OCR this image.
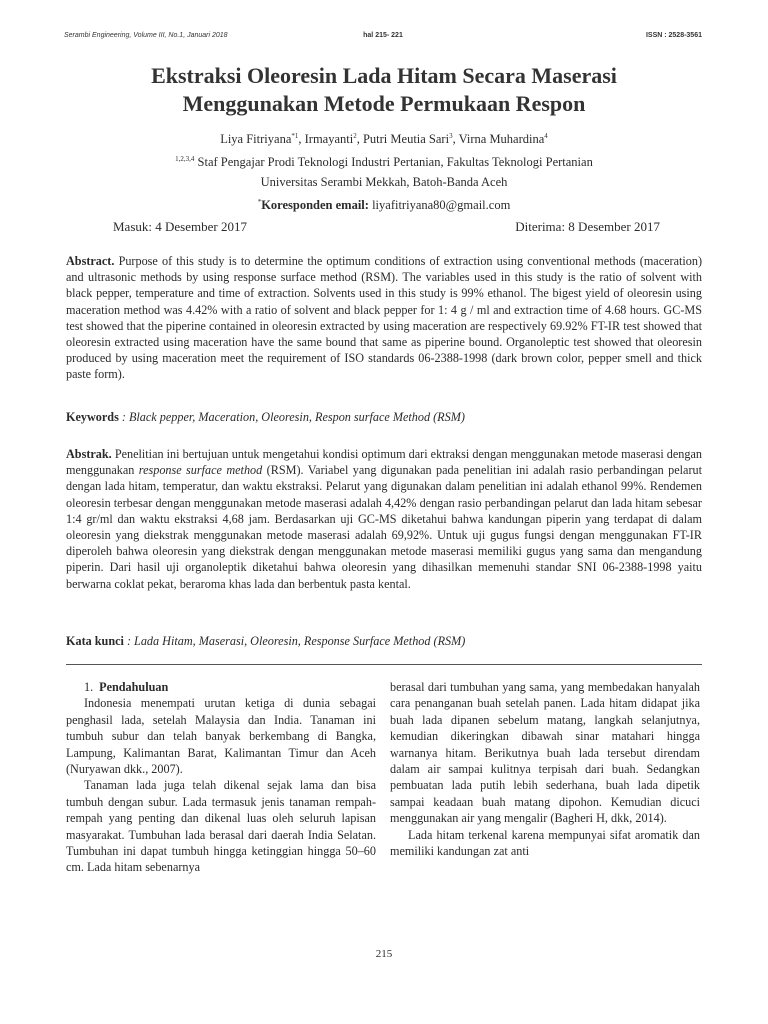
Serambi Engineering, Volume III, No.1, Januari 2018	hal 215- 221	ISSN : 2528-3561
Ekstraksi Oleoresin Lada Hitam Secara Maserasi
Menggunakan Metode Permukaan Respon
Liya Fitriyana$^{*1}$, Irmayanti$^2$, Putri Meutia Sari$^3$, Virna Muhardina$^4$
$^{1,2,3,4}$ Staf Pengajar Prodi Teknologi Industri Pertanian, Fakultas Teknologi Pertanian
Universitas Serambi Mekkah, Batoh-Banda Aceh
*Koresponden email: liyafitriyana80@gmail.com
Masuk: 4 Desember 2017	Diterima: 8 Desember 2017

Abstract. Purpose of this study is to determine the optimum conditions of extraction using conventional methods (maceration) and ultrasonic methods by using response surface method (RSM). The variables used in this study is the ratio of solvent with black pepper, temperature and time of extraction. Solvents used in this study is 99% ethanol. The bigest yield of oleoresin using maceration method was 4.42% with a ratio of solvent and black pepper for 1: 4 g / ml and extraction time of 4.68 hours. GC-MS test showed that the piperine contained in oleoresin extracted by using maceration are respectively 69.92% FT-IR test showed that oleoresin extracted using maceration have the same bound that same as piperine bound. Organoleptic test showed that oleoresin produced by using maceration meet the requirement of ISO standards 06-2388-1998 (dark brown color, pepper smell and thick paste form).

Keywords : Black pepper, Maceration, Oleoresin, Respon surface Method (RSM)

Abstrak. Penelitian ini bertujuan untuk mengetahui kondisi optimum dari ektraksi dengan menggunakan metode maserasi dengan menggunakan response surface method (RSM). Variabel yang digunakan pada penelitian ini adalah rasio perbandingan pelarut dengan lada hitam, temperatur, dan waktu ekstraksi. Pelarut yang digunakan dalam penelitian ini adalah ethanol 99%. Rendemen oleoresin terbesar dengan menggunakan metode maserasi adalah 4,42% dengan rasio perbandingan pelarut dan lada hitam sebesar 1:4 gr/ml dan waktu ekstraksi 4,68 jam. Berdasarkan uji GC-MS diketahui bahwa kandungan piperin yang terdapat di dalam oleoresin yang diekstrak menggunakan metode maserasi adalah 69,92%. Untuk uji gugus fungsi dengan menggunakan FT-IR diperoleh bahwa oleoresin yang diekstrak dengan menggunakan metode maserasi memiliki gugus yang sama dan mengandung piperin. Dari hasil uji organoleptik diketahui bahwa oleoresin yang dihasilkan memenuhi standar SNI 06-2388-1998 yaitu berwarna coklat pekat, beraroma khas lada dan berbentuk pasta kental.

Kata kunci : Lada Hitam, Maserasi, Oleoresin, Response Surface Method (RSM)

1. Pendahuluan

Indonesia menempati urutan ketiga di dunia sebagai penghasil lada, setelah Malaysia dan India. Tanaman ini tumbuh subur dan telah banyak berkembang di Bangka, Lampung, Kalimantan Barat, Kalimantan Timur dan Aceh (Nuryawan dkk., 2007).

Tanaman lada juga telah dikenal sejak lama dan bisa tumbuh dengan subur. Lada termasuk jenis tanaman rempah-rempah yang penting dan dikenal luas oleh seluruh lapisan masyarakat. Tumbuhan lada berasal dari daerah India Selatan. Tumbuhan ini dapat tumbuh hingga ketinggian hingga 50–60 cm. Lada hitam sebenarnya

berasal dari tumbuhan yang sama, yang membedakan hanyalah cara penanganan buah setelah panen. Lada hitam didapat jika buah lada dipanen sebelum matang, langkah selanjutnya, kemudian dikeringkan dibawah sinar matahari hingga warnanya hitam. Berikutnya buah lada tersebut direndam dalam air sampai kulitnya terpisah dari buah. Sedangkan pembuatan lada putih lebih sederhana, buah lada dipetik sampai keadaan buah matang dipohon. Kemudian dicuci menggunakan air yang mengalir (Bagheri H, dkk, 2014).

Lada hitam terkenal karena mempunyai sifat aromatik dan memiliki kandungan zat anti

215
